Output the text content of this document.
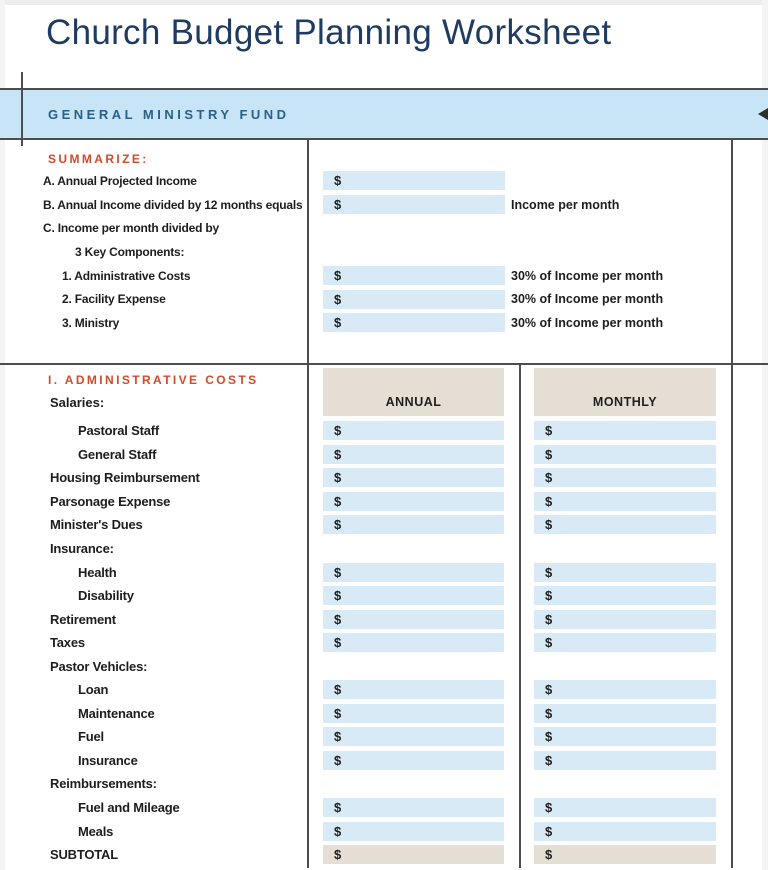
Church Budget Planning Worksheet
GENERAL MINISTRY FUND
SUMMARIZE:
A. Annual Projected Income	$
B. Annual Income divided by 12 months equals	$	Income per month
C. Income per month divided by
3 Key Components:
1. Administrative Costs	$	30% of Income per month
2. Facility Expense	$	30% of Income per month
3. Ministry	$	30% of Income per month
I. ADMINISTRATIVE COSTS
Salaries:	ANNUAL	MONTHLY
Pastoral Staff	$	$
General Staff	$	$
Housing Reimbursement	$	$
Parsonage Expense	$	$
Minister's Dues	$	$
Insurance:
Health	$	$
Disability	$	$
Retirement	$	$
Taxes	$	$
Pastor Vehicles:
Loan	$	$
Maintenance	$	$
Fuel	$	$
Insurance	$	$
Reimbursements:
Fuel and Mileage	$	$
Meals	$	$
SUBTOTAL	$	$
